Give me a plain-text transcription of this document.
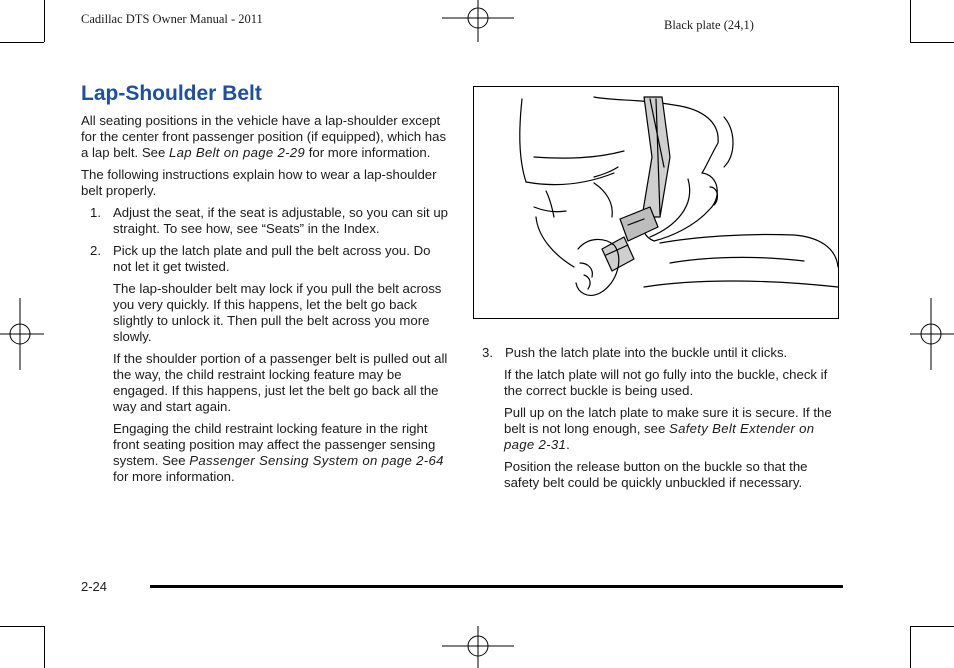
Cadillac DTS Owner Manual - 2011	Black plate (24,1)
Lap-Shoulder Belt

All seating positions in the vehicle have a lap-shoulder except for the center front passenger position (if equipped), which has a lap belt. See Lap Belt on page 2-29 for more information.

The following instructions explain how to wear a lap-shoulder belt properly.

1. Adjust the seat, if the seat is adjustable, so you can sit up straight. To see how, see “Seats” in the Index.

2. Pick up the latch plate and pull the belt across you. Do not let it get twisted.

The lap-shoulder belt may lock if you pull the belt across you very quickly. If this happens, let the belt go back slightly to unlock it. Then pull the belt across you more slowly.

If the shoulder portion of a passenger belt is pulled out all the way, the child restraint locking feature may be engaged. If this happens, just let the belt go back all the way and start again.

Engaging the child restraint locking feature in the right front seating position may affect the passenger sensing system. See Passenger Sensing System on page 2-64 for more information.

3. Push the latch plate into the buckle until it clicks.

If the latch plate will not go fully into the buckle, check if the correct buckle is being used.

Pull up on the latch plate to make sure it is secure. If the belt is not long enough, see Safety Belt Extender on page 2-31.

Position the release button on the buckle so that the safety belt could be quickly unbuckled if necessary.

2-24
